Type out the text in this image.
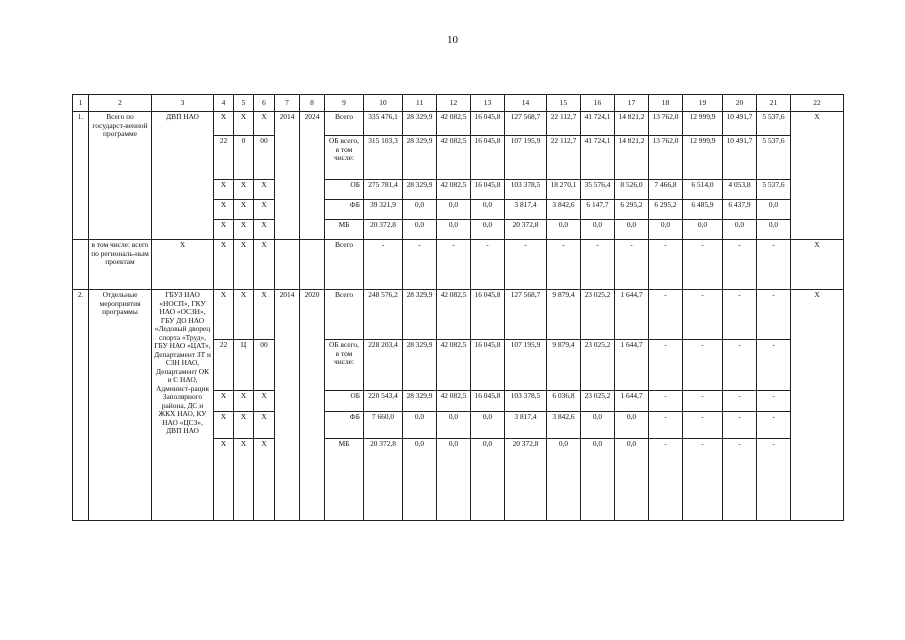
10
1	2	3	4	5	6	7	8	9	10	11	12	13	14	15	16	17	18	19	20	21	22
1.	Всего по государст-венной программе	ДВП НАО	Х	Х	Х	2014	2024	Всего	335 476,1	28 329,9	42 082,5	16 045,8	127 568,7	22 112,7	41 724,1	14 821,2	13 762,0	12 999,9	10 491,7	5 537,6	Х
			22	0	00			ОБ всего, в том числе:	315 103,3	28 329,9	42 082,5	16 045,8	107 195,9	22 112,7	41 724,1	14 821,2	13 762,0	12 999,9	10 491,7	5 537,6	
			Х	Х	Х			ОБ	275 781,4	28 329,9	42 082,5	16 045,8	103 378,5	18 270,1	35 576,4	8 526,0	7 466,8	6 514,0	4 053,8	5 537,6	
			Х	Х	Х			ФБ	39 321,9	0,0	0,0	0,0	3 817,4	3 842,6	6 147,7	6 295,2	6 295,2	6 485,9	6 437,9	0,0	
			Х	Х	Х			МБ	20 372,8	0,0	0,0	0,0	20 372,8	0,0	0,0	0,0	0,0	0,0	0,0	0,0	
	в том числе: всего по региональ-ным проектам	Х	Х	Х	Х			Всего	-	-	-	-	-	-	-	-	-	-	-	-	Х
2.	Отдельные мероприятия программы	ГБУЗ НАО «НОСП», ГКУ НАО «ОСЗН», ГБУ ДО НАО «Ледовый дворец спорта «Труд», ГБУ НАО «ЦАТ», Департамент ЗТ и СЗН НАО, Департамент ОК и С НАО, Админист-рация Заполярного района, ДС и ЖКХ НАО, КУ НАО «ЦСЗ», ДВП НАО	Х	Х	Х	2014	2020	Всего	248 576,2	28 329,9	42 082,5	16 045,8	127 568,7	9 879,4	23 025,2	1 644,7	-	-	-	-	Х
			22	Ц	00			ОБ всего, в том числе:	228 203,4	28 329,9	42 082,5	16 045,8	107 195,9	9 879,4	23 025,2	1 644,7	-	-	-	-	
			Х	Х	Х			ОБ	220 543,4	28 329,9	42 082,5	16 045,8	103 378,5	6 036,8	23 025,2	1 644,7	-	-	-	-	
			Х	Х	Х			ФБ	7 660,0	0,0	0,0	0,0	3 817,4	3 842,6	0,0	0,0	-	-	-	-	
			Х	Х	Х			МБ	20 372,8	0,0	0,0	0,0	20 372,8	0,0	0,0	0,0	-	-	-	-	
